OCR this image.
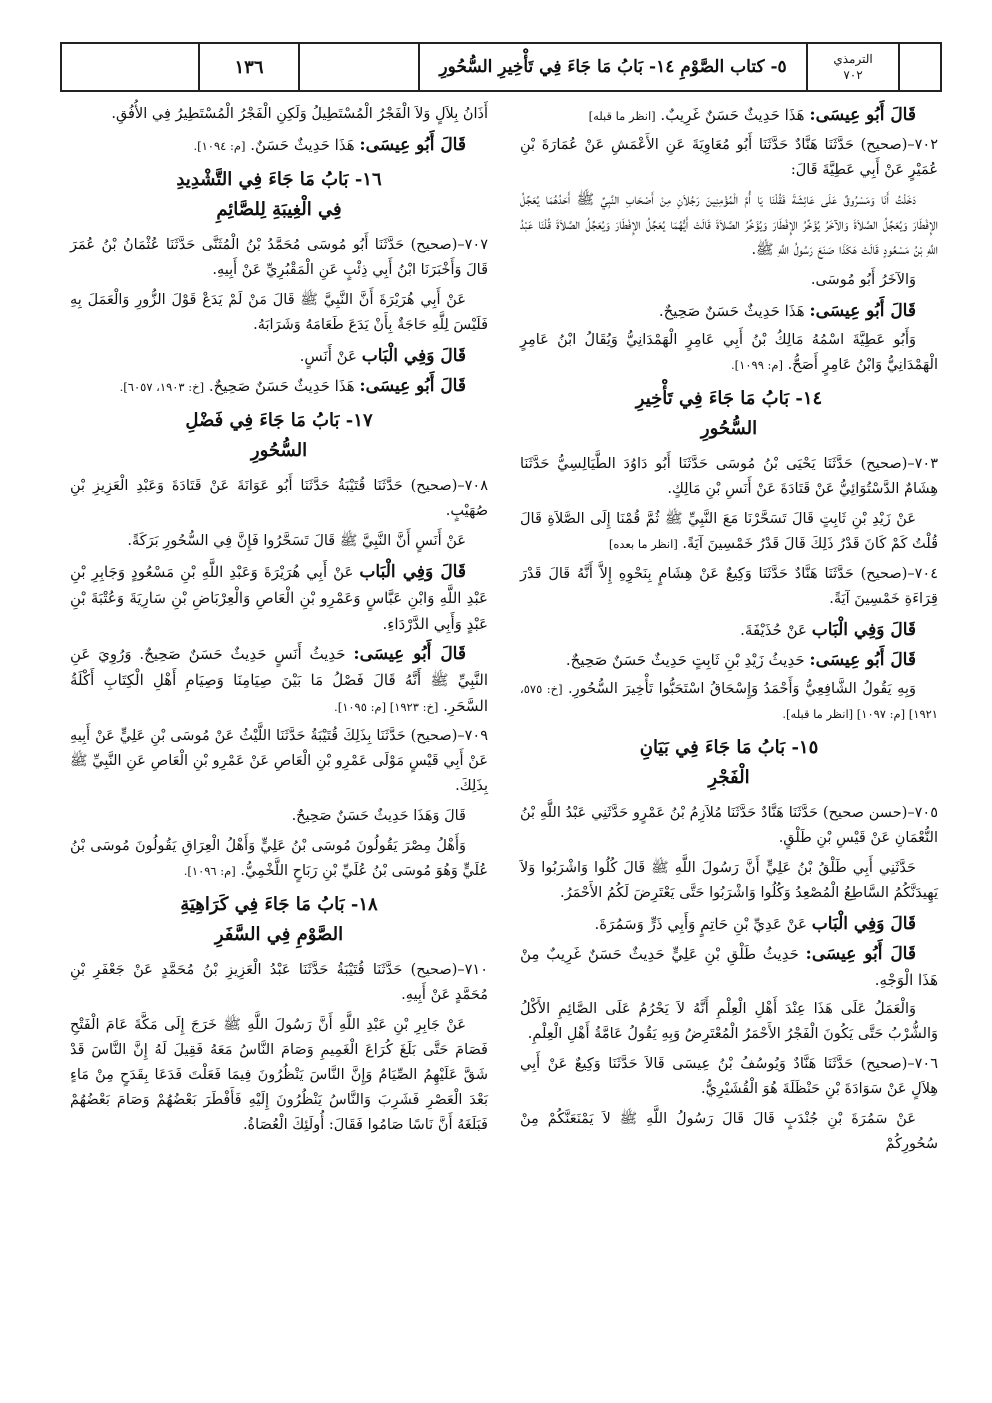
الترمذي
٧٠٢
٥- كتاب الصَّوْمِ ١٤- بَابُ مَا جَاءَ فِي تَأْخِيرِ السُّحُورِ
١٣٦

قَالَ أَبُو عِيسَى: هَذَا حَدِيثٌ حَسَنٌ غَرِيبٌ. [انظر ما قبله]

٧٠٢–(صحيح) حَدَّثَنَا هَنَّادٌ حَدَّثَنَا أَبُو مُعَاوِيَةَ عَنِ الأَعْمَشِ عَنْ عُمَارَةَ بْنِ عُمَيْرٍ عَنْ أَبِي عَطِيَّةَ قَالَ:

دَخَلْتُ أَنَا وَمَسْرُوقٌ عَلَى عَائِشَةَ فَقُلْنَا يَا أُمَّ الْمُؤْمِنِينَ رَجُلاَنِ مِنْ أَصْحَابِ النَّبِيِّ ﷺ أَحَدُهُمَا يُعَجِّلُ الإِفْطَارَ وَيُعَجِّلُ الصَّلاَةَ وَالآخَرُ يُؤَخِّرُ الإِفْطَارَ وَيُؤَخِّرُ الصَّلاَةَ قَالَتْ أَيُّهُمَا يُعَجِّلُ الإِفْطَارَ وَيُعَجِّلُ الصَّلاَةَ قُلْنَا عَبْدُ اللَّهِ بْنُ مَسْعُودٍ قَالَتْ هَكَذَا صَنَعَ رَسُولُ اللَّهِ ﷺ.

وَالآخَرُ أَبُو مُوسَى.

قَالَ أَبُو عِيسَى: هَذَا حَدِيثٌ حَسَنٌ صَحِيحٌ.

وَأَبُو عَطِيَّةَ اسْمُهُ مَالِكُ بْنُ أَبِي عَامِرٍ الْهَمْدَانِيُّ وَيُقَالُ ابْنُ عَامِرٍ الْهَمْدَانِيُّ وَابْنُ عَامِرٍ أَصَحُّ. [م: ١٠٩٩].

١٤- بَابُ مَا جَاءَ فِي تَأْخِيرِ
السُّحُورِ

٧٠٣–(صحيح) حَدَّثَنَا يَحْيَى بْنُ مُوسَى حَدَّثَنَا أَبُو دَاوُدَ الطَّيَالِسِيُّ حَدَّثَنَا هِشَامٌ الدَّسْتُوَائِيُّ عَنْ قَتَادَةَ عَنْ أَنَسِ بْنِ مَالِكٍ.

عَنْ زَيْدِ بْنِ ثَابِتٍ قَالَ تَسَحَّرْنَا مَعَ النَّبِيِّ ﷺ ثُمَّ قُمْنَا إِلَى الصَّلاَةِ قَالَ قُلْتُ كَمْ كَانَ قَدْرُ ذَلِكَ قَالَ قَدْرُ خَمْسِينَ آيَةً. [انظر ما بعده]

٧٠٤–(صحيح) حَدَّثَنَا هَنَّادٌ حَدَّثَنَا وَكِيعٌ عَنْ هِشَامٍ بِنَحْوِهِ إِلاَّ أَنَّهُ قَالَ قَدْرَ قِرَاءَةِ خَمْسِينَ آيَةً.

قَالَ وَفِي الْبَاب عَنْ حُذَيْفَةَ.

قَالَ أَبُو عِيسَى: حَدِيثُ زَيْدِ بْنِ ثَابِتٍ حَدِيثٌ حَسَنٌ صَحِيحٌ.

وَبِهِ يَقُولُ الشَّافِعِيُّ وَأَحْمَدُ وَإِسْحَاقُ اسْتَحَبُّوا تَأْخِيرَ السُّحُورِ. [خ: ٥٧٥، ١٩٢١] [م: ١٠٩٧] [انظر ما قبله].

١٥- بَابُ مَا جَاءَ فِي بَيَانِ
الْفَجْرِ

٧٠٥–(حسن صحيح) حَدَّثَنَا هَنَّادٌ حَدَّثَنَا مُلاَزِمُ بْنُ عَمْرٍو حَدَّثَنِي عَبْدُ اللَّهِ بْنُ النُّعْمَانِ عَنْ قَيْسِ بْنِ طَلْقٍ.

حَدَّثَنِي أَبِي طَلْقُ بْنُ عَلِيٍّ أَنَّ رَسُولَ اللَّهِ ﷺ قَالَ كُلُوا وَاشْرَبُوا وَلاَ يَهِيدَنَّكُمُ السَّاطِعُ الْمُصْعِدُ وَكُلُوا وَاشْرَبُوا حَتَّى يَعْتَرِضَ لَكُمُ الأَحْمَرُ.

قَالَ وَفِي الْبَاب عَنْ عَدِيِّ بْنِ حَاتِمٍ وَأَبِي ذَرٍّ وَسَمُرَةَ.

قَالَ أَبُو عِيسَى: حَدِيثُ طَلْقِ بْنِ عَلِيٍّ حَدِيثٌ حَسَنٌ غَرِيبٌ مِنْ هَذَا الْوَجْهِ.

وَالْعَمَلُ عَلَى هَذَا عِنْدَ أَهْلِ الْعِلْمِ أَنَّهُ لاَ يَحْرُمُ عَلَى الصَّائِمِ الأَكْلُ وَالشُّرْبُ حَتَّى يَكُونَ الْفَجْرُ الأَحْمَرُ الْمُعْتَرِضُ وَبِهِ يَقُولُ عَامَّةُ أَهْلِ الْعِلْمِ.

٧٠٦–(صحيح) حَدَّثَنَا هَنَّادٌ وَيُوسُفُ بْنُ عِيسَى قَالاَ حَدَّثَنَا وَكِيعٌ عَنْ أَبِي هِلاَلٍ عَنْ سَوَادَةَ بْنِ حَنْظَلَةَ هُوَ الْقُشَيْرِيُّ.

عَنْ سَمُرَةَ بْنِ جُنْدَبٍ قَالَ قَالَ رَسُولُ اللَّهِ ﷺ لاَ يَمْنَعَنَّكُمْ مِنْ سُحُورِكُمْ

أَذَانُ بِلاَلٍ وَلاَ الْفَجْرُ الْمُسْتَطِيلُ وَلَكِنِ الْفَجْرُ الْمُسْتَطِيرُ فِي الأُفُقِ.

قَالَ أَبُو عِيسَى: هَذَا حَدِيثٌ حَسَنٌ. [م: ١٠٩٤].

١٦- بَابُ مَا جَاءَ فِي التَّشْدِيدِ
فِي الْغِيبَةِ لِلصَّائِمِ

٧٠٧–(صحيح) حَدَّثَنَا أَبُو مُوسَى مُحَمَّدُ بْنُ الْمُثَنَّى حَدَّثَنَا عُثْمَانُ بْنُ عُمَرَ قَالَ وَأَخْبَرَنَا ابْنُ أَبِي ذِئْبٍ عَنِ الْمَقْبُرِيِّ عَنْ أَبِيهِ.

عَنْ أَبِي هُرَيْرَةَ أَنَّ النَّبِيَّ ﷺ قَالَ مَنْ لَمْ يَدَعْ قَوْلَ الزُّورِ وَالْعَمَلَ بِهِ فَلَيْسَ لِلَّهِ حَاجَةٌ بِأَنْ يَدَعَ طَعَامَهُ وَشَرَابَهُ.

قَالَ وَفِي الْبَاب عَنْ أَنَسٍ.

قَالَ أَبُو عِيسَى: هَذَا حَدِيثٌ حَسَنٌ صَحِيحٌ. [خ: ١٩٠٣، ٦٠٥٧].

١٧- بَابُ مَا جَاءَ فِي فَضْلِ
السُّحُورِ

٧٠٨–(صحيح) حَدَّثَنَا قُتَيْبَةُ حَدَّثَنَا أَبُو عَوَانَةَ عَنْ قَتَادَةَ وَعَبْدِ الْعَزِيزِ بْنِ صُهَيْبٍ.

عَنْ أَنَسٍ أَنَّ النَّبِيَّ ﷺ قَالَ تَسَحَّرُوا فَإِنَّ فِي السُّحُورِ بَرَكَةً.

قَالَ وَفِي الْبَاب عَنْ أَبِي هُرَيْرَةَ وَعَبْدِ اللَّهِ بْنِ مَسْعُودٍ وَجَابِرِ بْنِ عَبْدِ اللَّهِ وَابْنِ عَبَّاسٍ وَعَمْرِو بْنِ الْعَاصِ وَالْعِرْبَاضِ بْنِ سَارِيَةَ وَعُتْبَةَ بْنِ عَبْدٍ وَأَبِي الدَّرْدَاءِ.

قَالَ أَبُو عِيسَى: حَدِيثُ أَنَسٍ حَدِيثٌ حَسَنٌ صَحِيحٌ. وَرُوِيَ عَنِ النَّبِيِّ ﷺ أَنَّهُ قَالَ فَصْلُ مَا بَيْنَ صِيَامِنَا وَصِيَامِ أَهْلِ الْكِتَابِ أَكْلَةُ السَّحَرِ. [خ: ١٩٢٣] [م: ١٠٩٥].

٧٠٩–(صحيح) حَدَّثَنَا بِذَلِكَ قُتَيْبَةُ حَدَّثَنَا اللَّيْثُ عَنْ مُوسَى بْنِ عَلِيٍّ عَنْ أَبِيهِ عَنْ أَبِي قَيْسٍ مَوْلَى عَمْرِو بْنِ الْعَاصِ عَنْ عَمْرِو بْنِ الْعَاصِ عَنِ النَّبِيِّ ﷺ بِذَلِكَ.

قَالَ وَهَذَا حَدِيثٌ حَسَنٌ صَحِيحٌ.

وَأَهْلُ مِصْرَ يَقُولُونَ مُوسَى بْنُ عَلِيٍّ وَأَهْلُ الْعِرَاقِ يَقُولُونَ مُوسَى بْنُ عُلَيٍّ وَهُوَ مُوسَى بْنُ عُلَيِّ بْنِ رَبَاحٍ اللَّخْمِيُّ. [م: ١٠٩٦].

١٨- بَابُ مَا جَاءَ فِي كَرَاهِيَةِ
الصَّوْمِ فِي السَّفَرِ

٧١٠–(صحيح) حَدَّثَنَا قُتَيْبَةُ حَدَّثَنَا عَبْدُ الْعَزِيزِ بْنُ مُحَمَّدٍ عَنْ جَعْفَرِ بْنِ مُحَمَّدٍ عَنْ أَبِيهِ.

عَنْ جَابِرِ بْنِ عَبْدِ اللَّهِ أَنَّ رَسُولَ اللَّهِ ﷺ خَرَجَ إِلَى مَكَّةَ عَامَ الْفَتْحِ فَصَامَ حَتَّى بَلَغَ كُرَاعَ الْغَمِيمِ وَصَامَ النَّاسُ مَعَهُ فَقِيلَ لَهُ إِنَّ النَّاسَ قَدْ شَقَّ عَلَيْهِمُ الصِّيَامُ وَإِنَّ النَّاسَ يَنْظُرُونَ فِيمَا فَعَلْتَ فَدَعَا بِقَدَحٍ مِنْ مَاءٍ بَعْدَ الْعَصْرِ فَشَرِبَ وَالنَّاسُ يَنْظُرُونَ إِلَيْهِ فَأَفْطَرَ بَعْضُهُمْ وَصَامَ بَعْضُهُمْ فَبَلَغَهُ أَنَّ نَاسًا صَامُوا فَقَالَ: أُولَئِكَ الْعُصَاةُ.
